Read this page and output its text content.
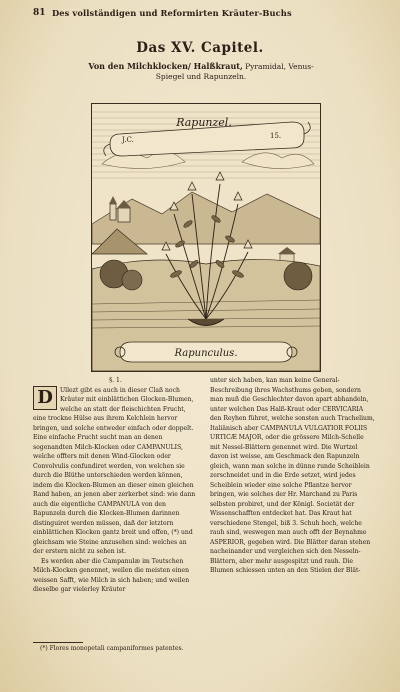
81 Des vollständigen und Reformirten Kräuter-Buchs
Das XV. Capitel.
Von den Milchklocken/ Halßkraut, Pyramidal, Venus-
Spiegel und Rapunzeln.
Rapunzel.
J.C.	15.
Rapunculus.
§. 1.
D	Ullezt gibt es auch in dieser Claß noch Kräuter mit einblättichen Glocken-Blumen, welche an statt der fleischichten Frucht, eine trockne Hülse aus ihrem Kelchlein hervor bringen, und solche entweder einfach oder doppelt. Eine einfache Frucht sucht man an denen sogenandten Milch-Klocken oder CAMPANULIS, welche offters mit denen Wind-Glocken oder Convolvulis confundiret werden, von welchen sie durch die Blüthe unterschieden werden können, indem die Klocken-Blumen an dieser einen gleichen Rand haben, an jenen aber zerkerbet sind: wie dann auch die eigentliche CAMPANULA von den Rapunzeln durch die Klocken-Blumen darinnen distinguiret werden müssen, daß der letztern einblättichen Klocken gantz breit und offen, (*) und gleichsam wie Steine anzusehen sind: welches an der erstern nicht zu sehen ist.
Es werden aber die Campanulæ im Teutschen Milch-Klocken genennet, weilen die meisten einen weissen Safft, wie Milch in sich haben; und weilen dieselbe gar vielerley Kräuter
unter sich haben, kan man keine General-Beschreibung ihres Wachsthums geben, sondern man muß die Geschlechter davon apart abhandeln, unter welchen Das Halß-Kraut oder CERVICARIA den Reyhen führet, welche sonsten auch Trachelium, Italiänisch aber CAMPANULA VULGATIOR FOLIIS URTICÆ MAJOR, oder die grössere Milch-Schelle mit Nessel-Blättern genennet wird. Die Wurtzel davon ist weisse, am Geschmack den Rapunzeln gleich, wann man solche in dünne runde Scheiblein zerschneidet und in die Erde setzet, wird jedes Scheiblein wieder eine solche Pflantze hervor bringen, wie solches der Hr. Marchand zu Paris selbsten probiret, und der Königl. Societät der Wissenschafften entdecket hat. Das Kraut hat verschiedene Stengel, biß 3. Schuh hoch, welche rauh sind, weswegen man auch offt der Beynahme ASPERIOR, gegeben wird. Die Blätter daran stehen nacheinander und vergleichen sich den Nesseln-Blättern, aber mehr ausgespitzt und rauh. Die Blumen schiessen unten an den Stielen der Blät-
(*) Flores monopetali campaniformes patentes.
